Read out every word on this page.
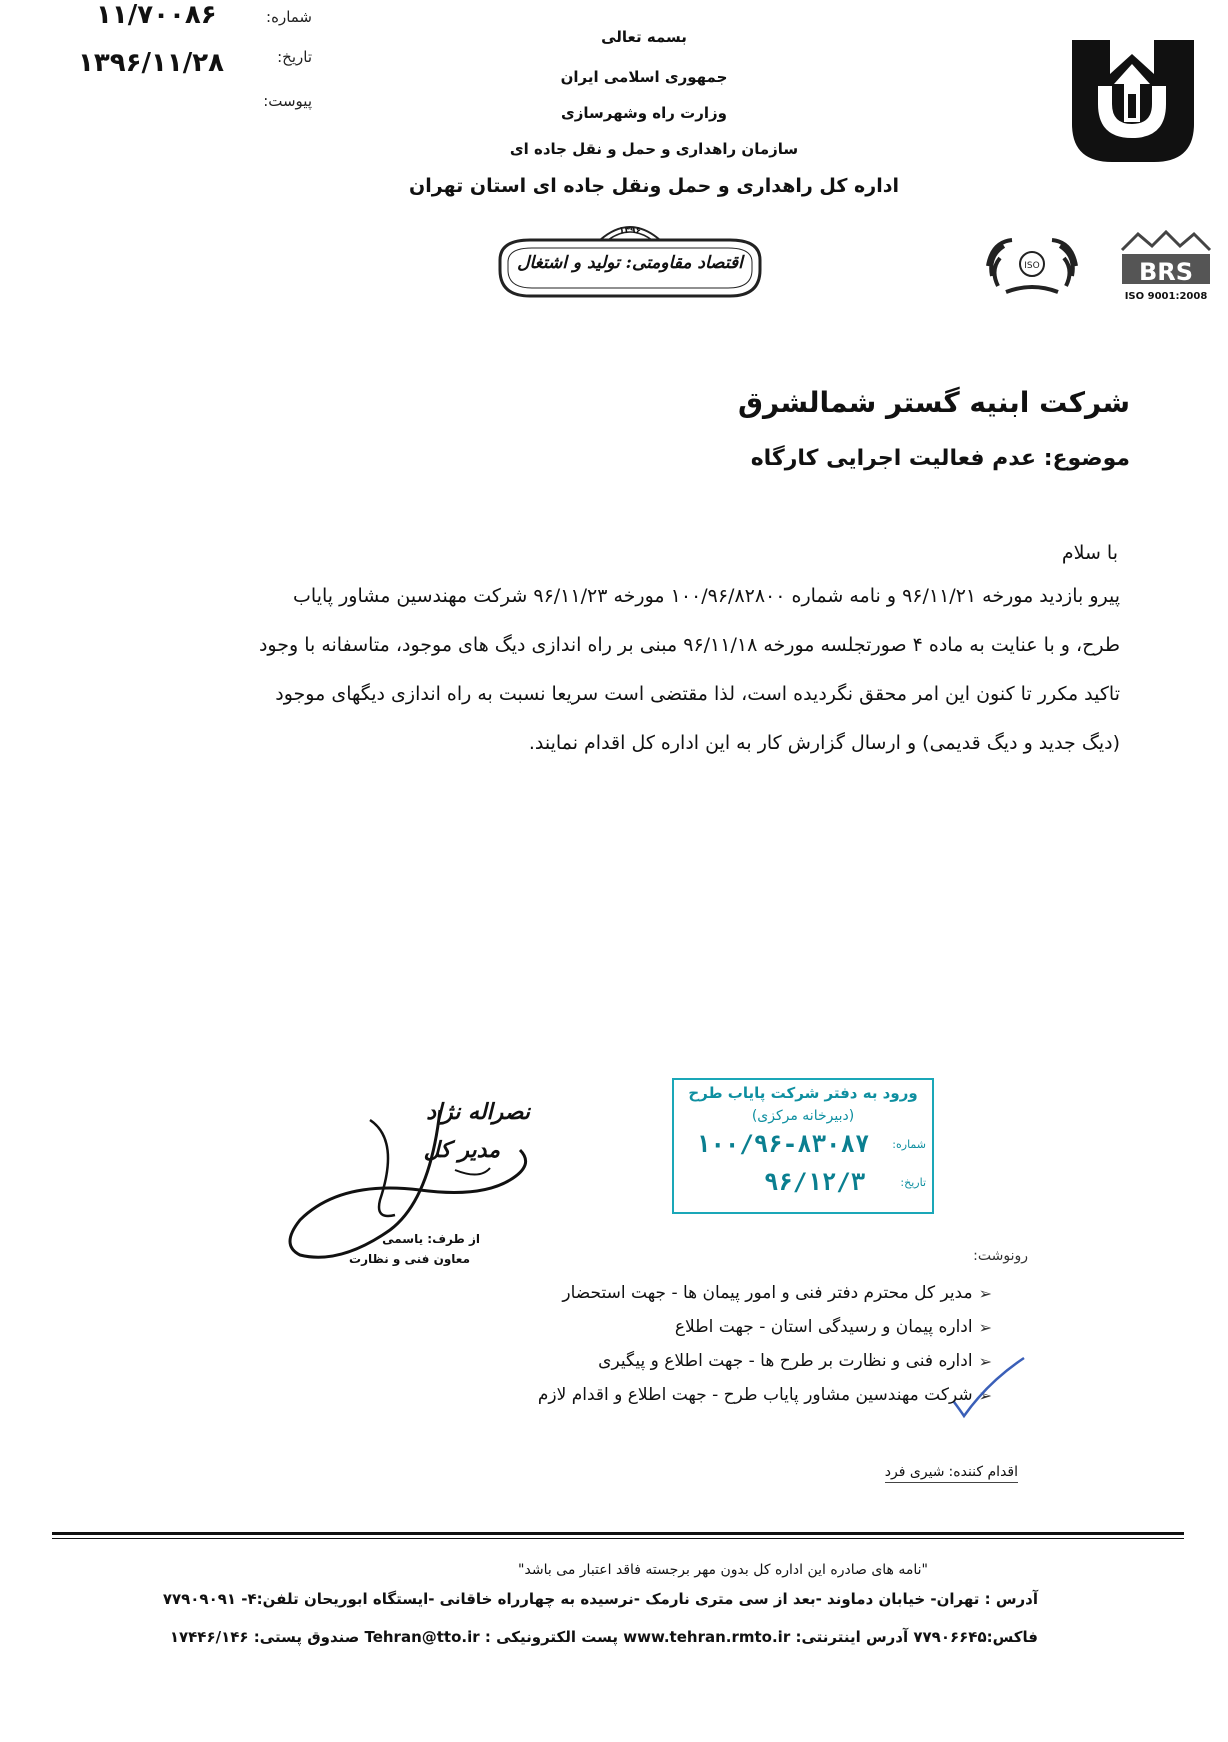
شماره:
۱۱/۷۰۰۸۶
تاریخ:
۱۳۹۶/۱۱/۲۸
پیوست:
بسمه تعالی
جمهوری اسلامی ایران
وزارت راه وشهرسازی
سازمان راهداری و حمل و نقل جاده ای
اداره کل راهداری و حمل ونقل جاده ای استان تهران
ISO	BRS
ISO 9001:2008
۱۳۹۶
اقتصاد مقاومتی: تولید و اشتغال
شرکت ابنیه گستر شمالشرق
موضوع: عدم فعالیت اجرایی کارگاه
با سلام
پیرو بازدید مورخه ۹۶/۱۱/۲۱ و نامه شماره ۱۰۰/۹۶/۸۲۸۰۰ مورخه ۹۶/۱۱/۲۳ شرکت مهندسین مشاور پایاب
طرح، و با عنایت به ماده ۴ صورتجلسه مورخه ۹۶/۱۱/۱۸ مبنی بر راه اندازی دیگ های موجود، متاسفانه با وجود
تاکید مکرر تا کنون این امر محقق نگردیده است، لذا مقتضی است سریعا نسبت به راه اندازی دیگهای موجود
(دیگ جدید و دیگ قدیمی) و ارسال گزارش کار به این اداره کل اقدام نمایند.
ورود به دفتر شرکت پایاب طرح
(دبیرخانه مرکزی)
شماره:
۱۰۰/۹۶-۸۳۰۸۷
تاریخ:
۹۶/۱۲/۳
نصراله نژاد
مدیر کل
از طرف: یاسمی
معاون فنی و نظارت	رونوشت:
➢
مدیر کل محترم دفتر فنی و امور پیمان ها - جهت استحضار
➢
اداره پیمان و رسیدگی استان - جهت اطلاع
➢
اداره فنی و نظارت بر طرح ها - جهت اطلاع و پیگیری
➢
شرکت مهندسین مشاور پایاب طرح - جهت اطلاع و اقدام لازم
اقدام کننده:
شیری فرد
"نامه های صادره این اداره کل بدون مهر برجسته فاقد اعتبار می باشد"
آدرس : تهران- خیابان دماوند -بعد از سی متری نارمک -نرسیده به چهارراه خاقانی -ایستگاه ابوریحان تلفن:۴- ۷۷۹۰۹۰۹۱
فاکس:۷۷۹۰۶۶۴۵ آدرس اینترنتی: www.tehran.rmto.ir پست الکترونیکی : Tehran@tto.ir صندوق پستی: ۱۷۴۴۶/۱۴۶
